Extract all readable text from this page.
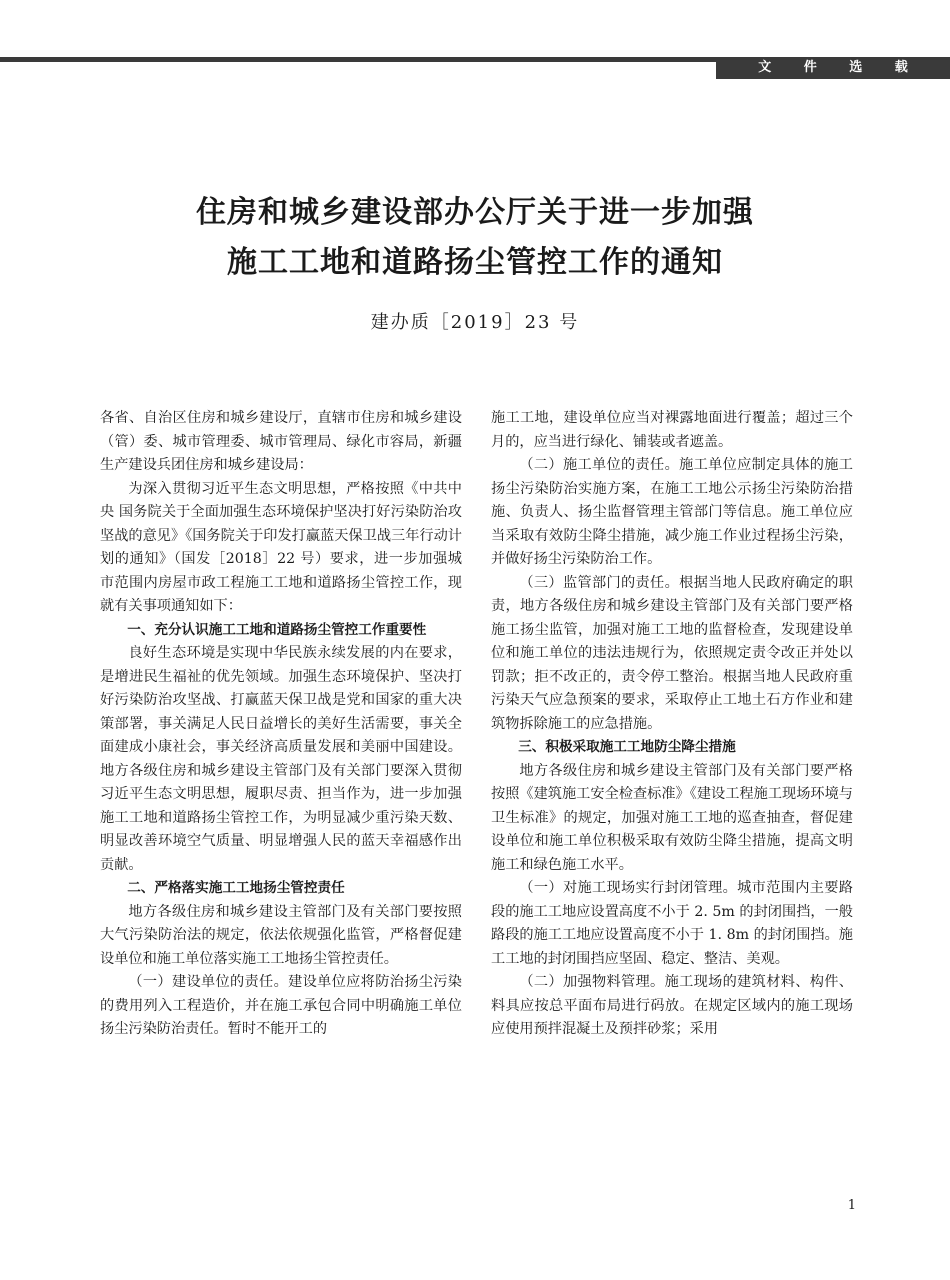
文 件 选 载
住房和城乡建设部办公厅关于进一步加强
施工工地和道路扬尘管控工作的通知
建办质［2019］23 号

各省、自治区住房和城乡建设厅，直辖市住房和城乡建设（管）委、城市管理委、城市管理局、绿化市容局，新疆生产建设兵团住房和城乡建设局：

为深入贯彻习近平生态文明思想，严格按照《中共中央 国务院关于全面加强生态环境保护坚决打好污染防治攻坚战的意见》《国务院关于印发打赢蓝天保卫战三年行动计划的通知》（国发［2018］22 号）要求，进一步加强城市范围内房屋市政工程施工工地和道路扬尘管控工作，现就有关事项通知如下：

一、充分认识施工工地和道路扬尘管控工作重要性

良好生态环境是实现中华民族永续发展的内在要求，是增进民生福祉的优先领域。加强生态环境保护、坚决打好污染防治攻坚战、打赢蓝天保卫战是党和国家的重大决策部署，事关满足人民日益增长的美好生活需要，事关全面建成小康社会，事关经济高质量发展和美丽中国建设。地方各级住房和城乡建设主管部门及有关部门要深入贯彻习近平生态文明思想，履职尽责、担当作为，进一步加强施工工地和道路扬尘管控工作，为明显减少重污染天数、明显改善环境空气质量、明显增强人民的蓝天幸福感作出贡献。

二、严格落实施工工地扬尘管控责任

地方各级住房和城乡建设主管部门及有关部门要按照大气污染防治法的规定，依法依规强化监管，严格督促建设单位和施工单位落实施工工地扬尘管控责任。

（一）建设单位的责任。建设单位应将防治扬尘污染的费用列入工程造价，并在施工承包合同中明确施工单位扬尘污染防治责任。暂时不能开工的

施工工地，建设单位应当对裸露地面进行覆盖；超过三个月的，应当进行绿化、铺装或者遮盖。

（二）施工单位的责任。施工单位应制定具体的施工扬尘污染防治实施方案，在施工工地公示扬尘污染防治措施、负责人、扬尘监督管理主管部门等信息。施工单位应当采取有效防尘降尘措施，减少施工作业过程扬尘污染，并做好扬尘污染防治工作。

（三）监管部门的责任。根据当地人民政府确定的职责，地方各级住房和城乡建设主管部门及有关部门要严格施工扬尘监管，加强对施工工地的监督检查，发现建设单位和施工单位的违法违规行为，依照规定责令改正并处以罚款；拒不改正的，责令停工整治。根据当地人民政府重污染天气应急预案的要求，采取停止工地土石方作业和建筑物拆除施工的应急措施。

三、积极采取施工工地防尘降尘措施

地方各级住房和城乡建设主管部门及有关部门要严格按照《建筑施工安全检查标准》《建设工程施工现场环境与卫生标准》的规定，加强对施工工地的巡查抽查，督促建设单位和施工单位积极采取有效防尘降尘措施，提高文明施工和绿色施工水平。

（一）对施工现场实行封闭管理。城市范围内主要路段的施工工地应设置高度不小于 2. 5m 的封闭围挡，一般路段的施工工地应设置高度不小于 1. 8m 的封闭围挡。施工工地的封闭围挡应坚固、稳定、整洁、美观。

（二）加强物料管理。施工现场的建筑材料、构件、料具应按总平面布局进行码放。在规定区域内的施工现场应使用预拌混凝土及预拌砂浆；采用

1
